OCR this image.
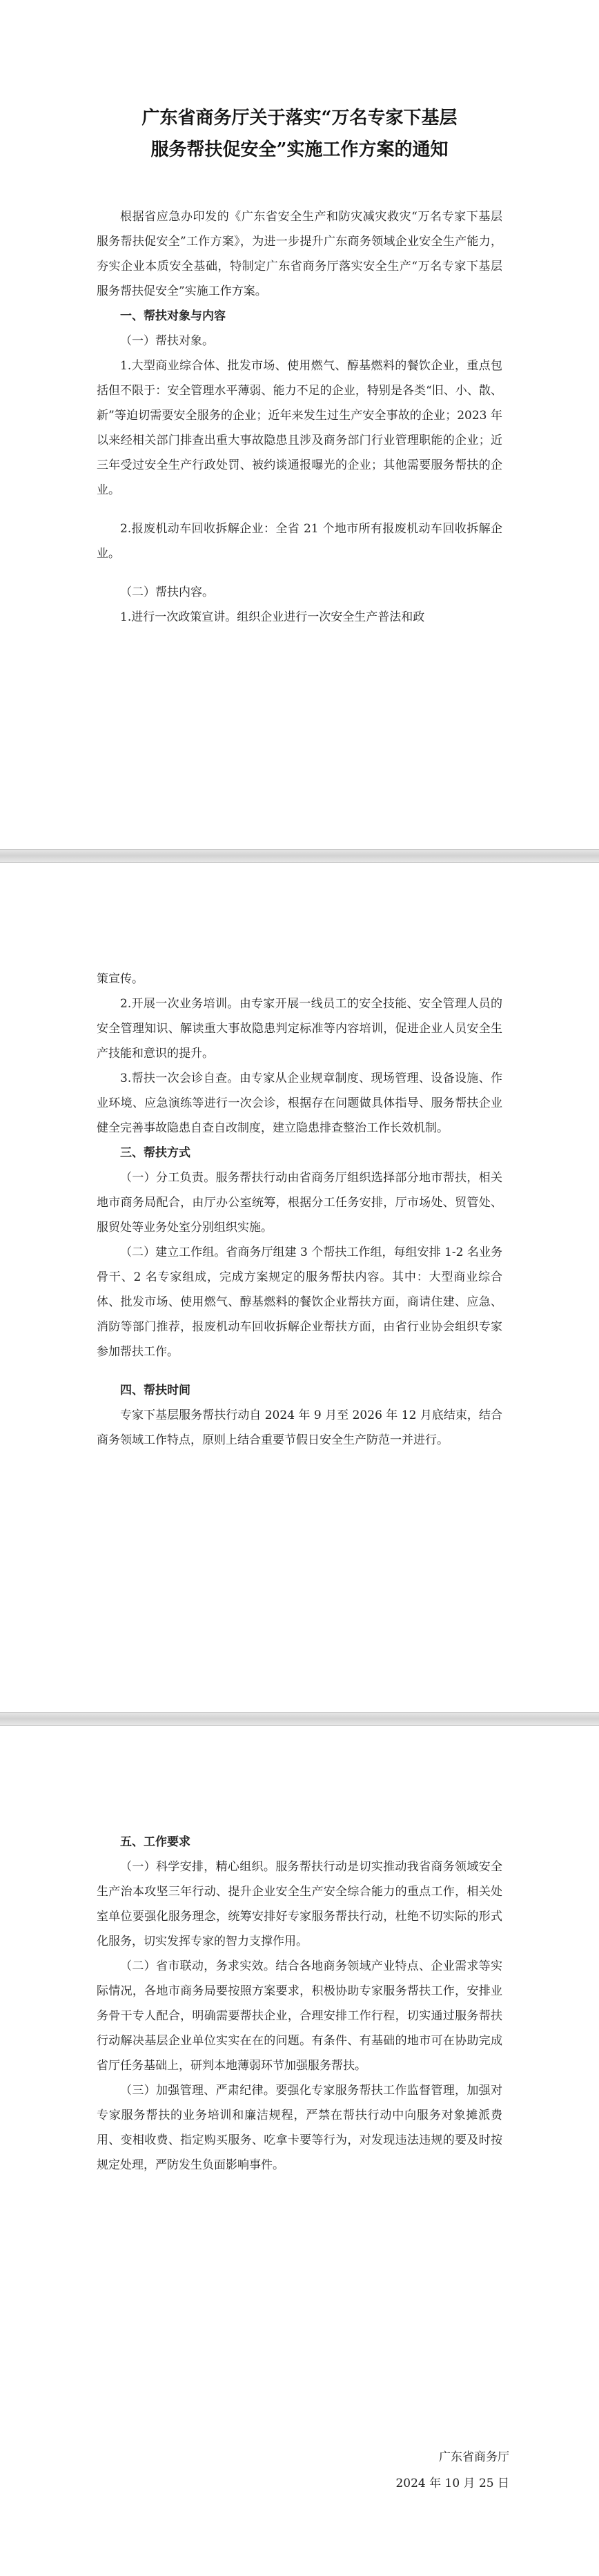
广东省商务厅关于落实“万名专家下基层
服务帮扶促安全”实施工作方案的通知

根据省应急办印发的《广东省安全生产和防灾减灾救灾“万名专家下基层 服务帮扶促安全”工作方案》，为进一步提升广东商务领域企业安全生产能力，夯实企业本质安全基础，特制定广东省商务厅落实安全生产“万名专家下基层 服务帮扶促安全”实施工作方案。

一、帮扶对象与内容
（一）帮扶对象。

1.大型商业综合体、批发市场、使用燃气、醇基燃料的餐饮企业，重点包括但不限于：安全管理水平薄弱、能力不足的企业，特别是各类“旧、小、散、新”等迫切需要安全服务的企业；近年来发生过生产安全事故的企业；2023 年以来经相关部门排查出重大事故隐患且涉及商务部门行业管理职能的企业；近三年受过安全生产行政处罚、被约谈通报曝光的企业；其他需要服务帮扶的企业。

2.报废机动车回收拆解企业：全省 21 个地市所有报废机动车回收拆解企业。

（二）帮扶内容。

1.进行一次政策宣讲。组织企业进行一次安全生产普法和政

策宣传。

2.开展一次业务培训。由专家开展一线员工的安全技能、安全管理人员的安全管理知识、解读重大事故隐患判定标准等内容培训，促进企业人员安全生产技能和意识的提升。

3.帮扶一次会诊自查。由专家从企业规章制度、现场管理、设备设施、作业环境、应急演练等进行一次会诊，根据存在问题做具体指导、服务帮扶企业健全完善事故隐患自查自改制度，建立隐患排查整治工作长效机制。

三、帮扶方式

（一）分工负责。服务帮扶行动由省商务厅组织选择部分地市帮扶，相关地市商务局配合，由厅办公室统筹，根据分工任务安排，厅市场处、贸管处、服贸处等业务处室分别组织实施。

（二）建立工作组。省商务厅组建 3 个帮扶工作组，每组安排 1-2 名业务骨干、2 名专家组成，完成方案规定的服务帮扶内容。其中：大型商业综合体、批发市场、使用燃气、醇基燃料的餐饮企业帮扶方面，商请住建、应急、消防等部门推荐，报废机动车回收拆解企业帮扶方面，由省行业协会组织专家参加帮扶工作。

四、帮扶时间

专家下基层服务帮扶行动自 2024 年 9 月至 2026 年 12 月底结束，结合商务领域工作特点，原则上结合重要节假日安全生产防范一并进行。

五、工作要求

（一）科学安排，精心组织。服务帮扶行动是切实推动我省商务领域安全生产治本攻坚三年行动、提升企业安全生产安全综合能力的重点工作，相关处室单位要强化服务理念，统筹安排好专家服务帮扶行动，杜绝不切实际的形式化服务，切实发挥专家的智力支撑作用。

（二）省市联动，务求实效。结合各地商务领域产业特点、企业需求等实际情况，各地市商务局要按照方案要求，积极协助专家服务帮扶工作，安排业务骨干专人配合，明确需要帮扶企业，合理安排工作行程，切实通过服务帮扶行动解决基层企业单位实实在在的问题。有条件、有基础的地市可在协助完成省厅任务基础上，研判本地薄弱环节加强服务帮扶。

（三）加强管理、严肃纪律。要强化专家服务帮扶工作监督管理，加强对专家服务帮扶的业务培训和廉洁规程，严禁在帮扶行动中向服务对象摊派费用、变相收费、指定购买服务、吃拿卡要等行为，对发现违法违规的要及时按规定处理，严防发生负面影响事件。

广东省商务厅
2024 年 10 月 25 日
